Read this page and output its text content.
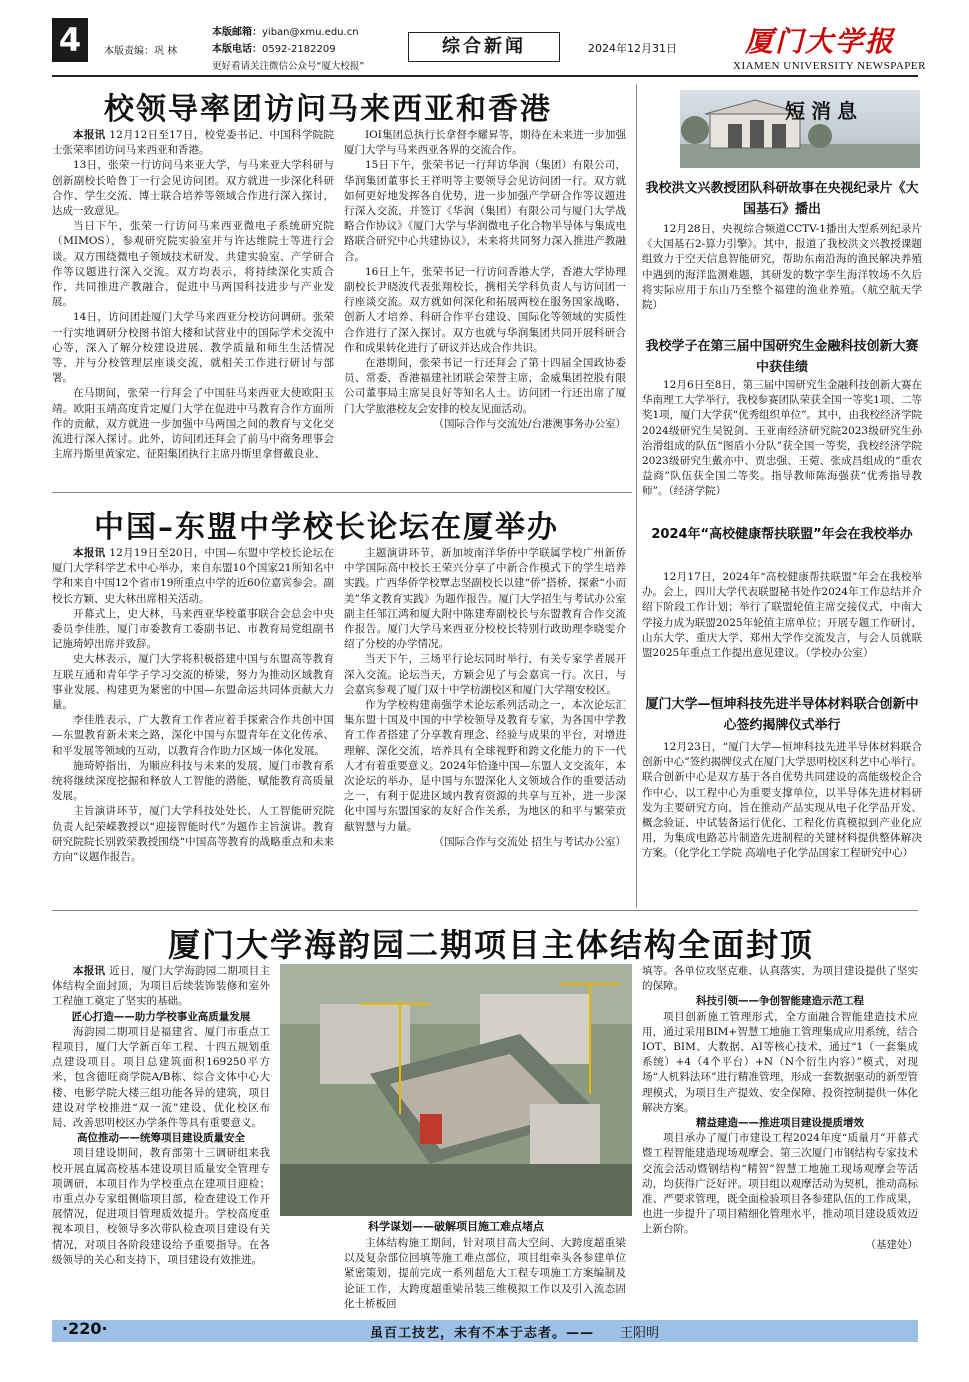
4	本版责编：巩 林
本版邮箱：yiban@xmu.edu.cn
本版电话：0592-2182209
更好看请关注微信公众号“厦大校报”
综合新闻	2024年12月31日 厦门大学报
XIAMEN UNIVERSITY NEWSPAPER
校领导率团访问马来西亚和香港

本报讯 12月12日至17日，校党委书记、中国科学院院士张荣率团访问马来西亚和香港。

13日，张荣一行访问马来亚大学，与马来亚大学科研与创新副校长哈鲁丁一行会见访问团。双方就进一步深化科研合作、学生交流、博士联合培养等领域合作进行深入探讨，达成一致意见。

当日下午，张荣一行访问马来西亚微电子系统研究院（MIMOS），参观研究院实验室并与许达维院士等进行会谈。双方围绕微电子领域技术研发、共建实验室、产学研合作等议题进行深入交流。双方均表示，将持续深化实质合作，共同推进产教融合，促进中马两国科技进步与产业发展。

14日，访问团赴厦门大学马来西亚分校访问调研。张荣一行实地调研分校图书馆大楼和试营业中的国际学术交流中心等，深入了解分校建设进展、教学质量和师生生活情况等，并与分校管理层座谈交流，就相关工作进行研讨与部署。

在马期间，张荣一行拜会了中国驻马来西亚大使欧阳玉靖。欧阳玉靖高度肯定厦门大学在促进中马教育合作方面所作的贡献，双方就进一步加强中马两国之间的教育与文化交流进行深入探讨。此外，访问团还拜会了前马中商务理事会主席丹斯里黄家定、征阳集团执行主席丹斯里拿督戴良业、

IOI集团总执行长拿督李耀昇等，期待在未来进一步加强厦门大学与马来西亚各界的交流合作。

15日下午，张荣书记一行拜访华润（集团）有限公司，华润集团董事长王祥明等主要领导会见访问团一行。双方就如何更好地发挥各自优势，进一步加强产学研合作等议题进行深入交流，并签订《华润（集团）有限公司与厦门大学战略合作协议》《厦门大学与华润微电子化合物半导体与集成电路联合研究中心共建协议》，未来将共同努力深入推进产教融合。

16日上午，张荣书记一行访问香港大学，香港大学协理副校长尹晓波代表张翔校长，携相关学科负责人与访问团一行座谈交流。双方就如何深化和拓展两校在服务国家战略、创新人才培养、科研合作平台建设、国际化等领域的实质性合作进行了深入探讨。双方也就与华润集团共同开展科研合作和成果转化进行了研议并达成合作共识。

在港期间，张荣书记一行还拜会了第十四届全国政协委员、常委，香港福建社团联会荣誉主席，金威集团控股有限公司董事局主席吴良好等知名人士。访问团一行还出席了厦门大学旅港校友会安排的校友见面活动。

（国际合作与交流处/台港澳事务办公室）

中国–东盟中学校长论坛在厦举办

本报讯 12月19日至20日，中国—东盟中学校长论坛在厦门大学科学艺术中心举办，来自东盟10个国家21所知名中学和来自中国12个省市19所重点中学的近60位嘉宾参会。副校长方颖、史大林出席相关活动。

开幕式上，史大林，马来西亚华校董事联合会总会中央委员李佳胜，厦门市委教育工委副书记、市教育局党组副书记施琦婷出席并致辞。

史大林表示，厦门大学将积极搭建中国与东盟高等教育互联互通和青年学子学习交流的桥梁，努力为推动区域教育事业发展、构建更为紧密的中国—东盟命运共同体贡献大力量。

李佳胜表示，广大教育工作者应着手探索合作共创中国—东盟教育新未来之路，深化中国与东盟青年在文化传承、和平发展等领域的互动，以教育合作助力区域一体化发展。

施琦婷指出，为顺应科技与未来的发展，厦门市教育系统将继续深度挖掘和释放人工智能的潜能，赋能教育高质量发展。

主旨演讲环节，厦门大学科技处处长、人工智能研究院负责人纪荣嵘教授以“迎接智能时代”为题作主旨演讲。教育研究院院长别敦荣教授围绕“中国高等教育的战略重点和未来方向”议题作报告。

主题演讲环节，新加坡南洋华侨中学联属学校广州新侨中学国际高中校长王荣兴分享了中新合作模式下的学生培养实践。广西华侨学校覃志坚副校长以建“侨”搭桥，探索“小而美”华文教育实践》为题作报告。厦门大学招生与考试办公室副主任邹江鸿和厦大附中陈建寿副校长与东盟教育合作交流作报告。厦门大学马来西亚分校校长特别行政助理李晓雯介绍了分校的办学情况。

当天下午，三场平行论坛同时举行，有关专家学者展开深入交流。论坛当天，方颖会见了与会嘉宾一行。次日，与会嘉宾参观了厦门双十中学枋湖校区和厦门大学翔安校区。

作为学校构建南强学术论坛系列活动之一，本次论坛汇集东盟十国及中国的中学校领导及教育专家，为各国中学教育工作者搭建了分享教育理念、经验与成果的平台，对增进理解、深化交流，培养具有全球视野和跨文化能力的下一代人才有着重要意义。2024年恰逢中国—东盟人文交流年，本次论坛的举办，是中国与东盟深化人文领域合作的重要活动之一，有利于促进区域内教育资源的共享与互补，进一步深化中国与东盟国家的友好合作关系，为地区的和平与繁荣贡献智慧与力量。

（国际合作与交流处 招生与考试办公室）

短消息
我校洪文兴教授团队科研故事在央视纪录片《大国基石》播出

12月28日，央视综合频道CCTV-1播出大型系列纪录片《大国基石2-算力引擎》。其中，报道了我校洪文兴教授课题组致力于空天信息智能研究，帮助东南沿海的渔民解决养殖中遇到的海洋监测难题，其研发的数字孪生海洋牧场不久后将实际应用于东山乃至整个福建的渔业养殖。（航空航天学院）

我校学子在第三届中国研究生金融科技创新大赛中获佳绩

12月6日至8日，第三届中国研究生金融科技创新大赛在华南理工大学举行，我校参赛团队荣获全国一等奖1项、二等奖1项，厦门大学获“优秀组织单位”。其中，由我校经济学院2024级研究生吴锐剑、王亚南经济研究院2023级研究生孙治滑组成的队伍“图盾小分队”获全国一等奖，我校经济学院2023级研究生戴亦中、贾忠强、王菀、张成昌组成的“重农益商”队伍获全国二等奖。指导教师陈海强获“优秀指导教师”。（经济学院）

2024年“高校健康帮扶联盟”年会在我校举办

12月17日，2024年“高校健康帮扶联盟”年会在我校举办。会上，四川大学代表联盟秘书处作2024年工作总结并介绍下阶段工作计划；举行了联盟轮值主席交接仪式，中南大学接力成为联盟2025年轮值主席单位；开展专题工作研讨，山东大学、重庆大学、郑州大学作交流发言，与会人员就联盟2025年重点工作提出意见建议。（学校办公室）

厦门大学—恒坤科技先进半导体材料联合创新中心签约揭牌仪式举行

12月23日，“厦门大学—恒坤科技先进半导体材料联合创新中心”签约揭牌仪式在厦门大学思明校区科艺中心举行。联合创新中心是双方基于各自优势共同建设的高能级校企合作中心，以工程中心为重要支撑单位，以半导体先进材料研发为主要研究方向，旨在推动产品实现从电子化学品开发、概念验证、中试装备运行优化、工程化仿真模拟到产业化应用，为集成电路芯片制造先进制程的关键材料提供整体解决方案。（化学化工学院 高端电子化学品国家工程研究中心）

厦门大学海韵园二期项目主体结构全面封顶

本报讯 近日，厦门大学海韵园二期项目主体结构全面封顶，为项目后续装饰装修和室外工程施工奠定了坚实的基础。

匠心打造——助力学校事业高质量发展

海韵园二期项目是福建省、厦门市重点工程项目，厦门大学新百年工程、十四五规划重点建设项目。项目总建筑面积169250平方米，包含德旺商学院A/B栋、综合文体中心大楼、电影学院大楼三组功能各异的建筑，项目建设对学校推进“双一流”建设、优化校区布局、改善思明校区办学条件等具有重要意义。

高位推动——统筹项目建设质量安全

项目建设期间，教育部第十三调研组来我校开展直属高校基本建设项目质量安全管理专项调研，本项目作为学校重点在建项目迎检；市重点办专家组侧临项目部，检查建设工作开展情况，促进项目管理质效提升。学校高度重视本项目，校领导多次带队检查项目建设有关情况，对项目各阶段建设给予重要指导。在各级领导的关心和支持下，项目建设有效推进。

科学谋划——破解项目施工难点堵点

主体结构施工期间，针对项目高大空间、大跨度超重梁以及复杂部位回填等施工难点部位，项目组牵头各参建单位紧密策划，提前完成一系列超危大工程专项施工方案编制及论证工作，大跨度超重梁吊装三维模拟工作以及引入流态固化土桥板回

填等。各单位攻坚克难、认真落实，为项目建设提供了坚实的保障。

科技引领——争创智能建造示范工程

项目创新施工管理形式，全方面融合智能建造技术应用，通过采用BIM+智慧工地施工管理集成应用系统，结合IOT、BIM、大数据、AI等核心技术，通过“1（一套集成系统）+4（4个平台）+N（N个衍生内容）”模式，对现场“人机料法环”进行精准管理，形成一套数据驱动的新型管理模式，为项目生产提效、安全保障、投资控制提供一体化解决方案。

精益建造——推进项目建设提质增效

项目承办了厦门市建设工程2024年度“质量月”开幕式暨工程智能建造现场观摩会、第三次厦门市钢结构专家技术交流会活动暨钢结构“精智”智慧工地施工现场观摩会等活动，均获得广泛好评。项目组以观摩活动为契机，推动高标准、严要求管理，既全面检验项目各参建队伍的工作成果，也进一步提升了项目精细化管理水平，推动项目建设质效迈上新台阶。

（基建处）

·220·	虽百工技艺，未有不本于志者。—— 王阳明
